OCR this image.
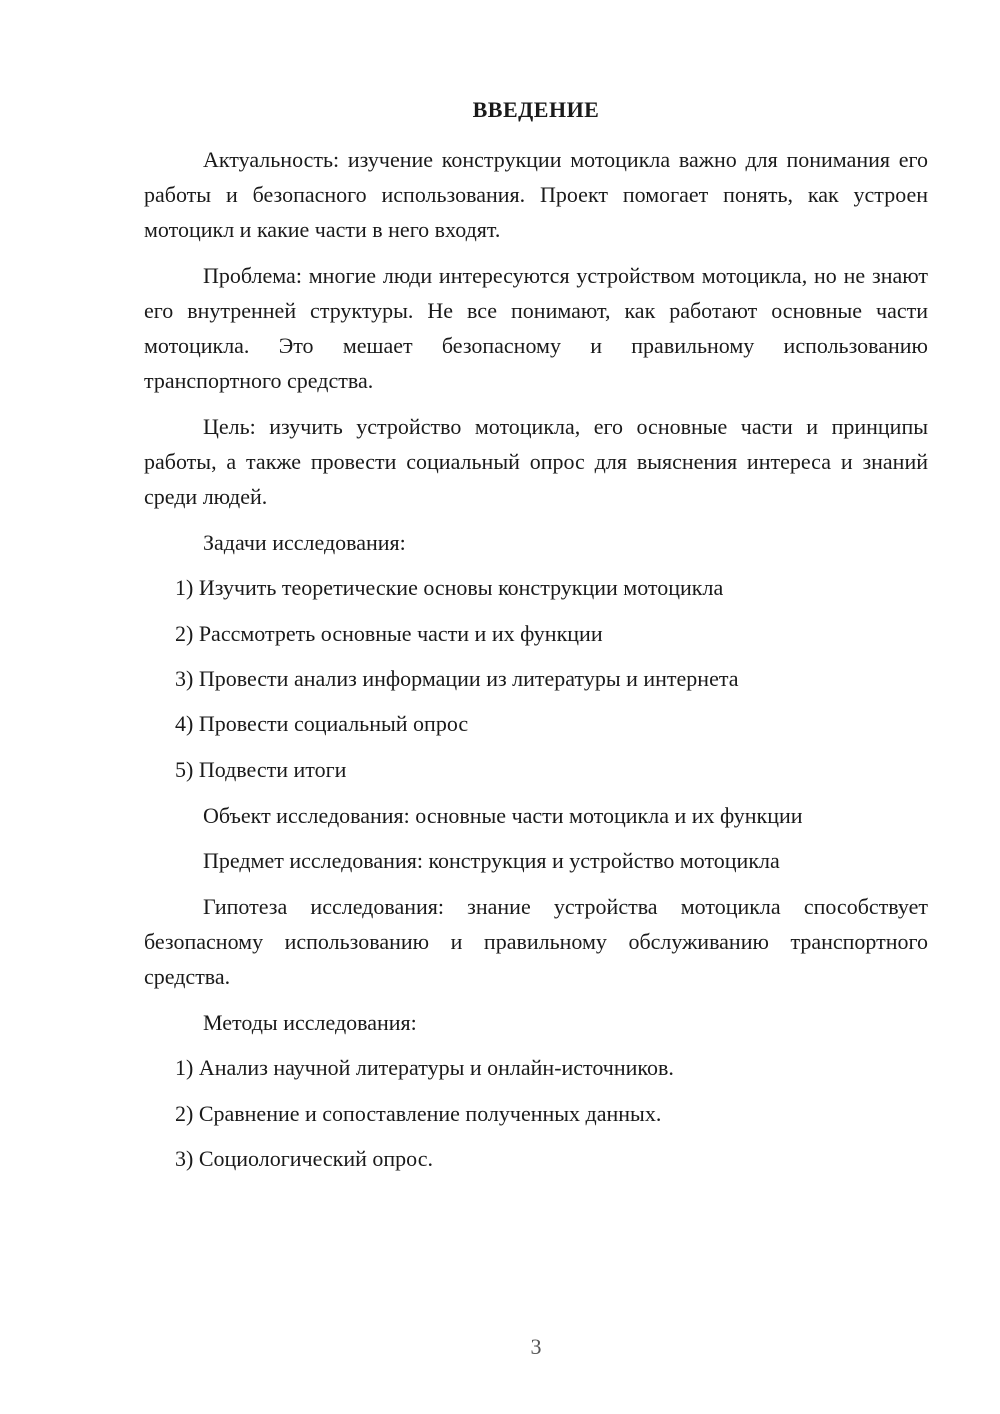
ВВЕДЕНИЕ

Актуальность: изучение конструкции мотоцикла важно для понимания его работы и безопасного использования. Проект помогает понять, как устроен мотоцикл и какие части в него входят.

Проблема: многие люди интересуются устройством мотоцикла, но не знают его внутренней структуры. Не все понимают, как работают основные части мотоцикла. Это мешает безопасному и правильному использованию транспортного средства.

Цель: изучить устройство мотоцикла, его основные части и принципы работы, а также провести социальный опрос для выяснения интереса и знаний среди людей.

Задачи исследования:
1) Изучить теоретические основы конструкции мотоцикла
2) Рассмотреть основные части и их функции
3) Провести анализ информации из литературы и интернета
4) Провести социальный опрос
5) Подвести итоги
Объект исследования: основные части мотоцикла и их функции
Предмет исследования: конструкция и устройство мотоцикла

Гипотеза исследования: знание устройства мотоцикла способствует безопасному использованию и правильному обслуживанию транспортного средства.

Методы исследования:
1) Анализ научной литературы и онлайн-источников.
2) Сравнение и сопоставление полученных данных.
3) Социологический опрос.
3
